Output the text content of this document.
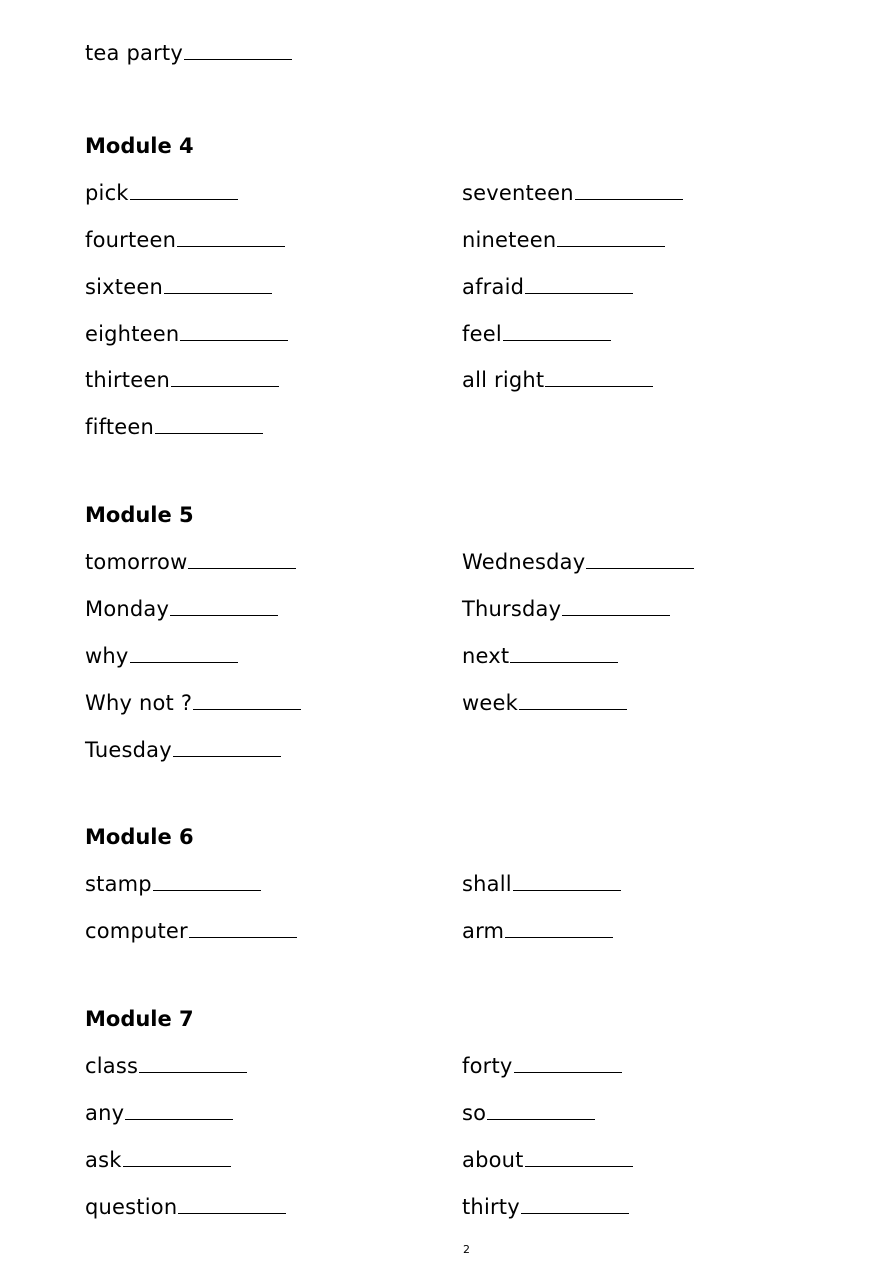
tea party
Module 4
pick
fourteen
sixteen
eighteen
thirteen
fifteen
seventeen
nineteen
afraid
feel
all right
Module 5
tomorrow
Monday
why
Why not ?
Tuesday
Wednesday
Thursday
next
week
Module 6
stamp
computer
shall
arm
Module 7
class
any
ask
question
forty
so
about
thirty
2
